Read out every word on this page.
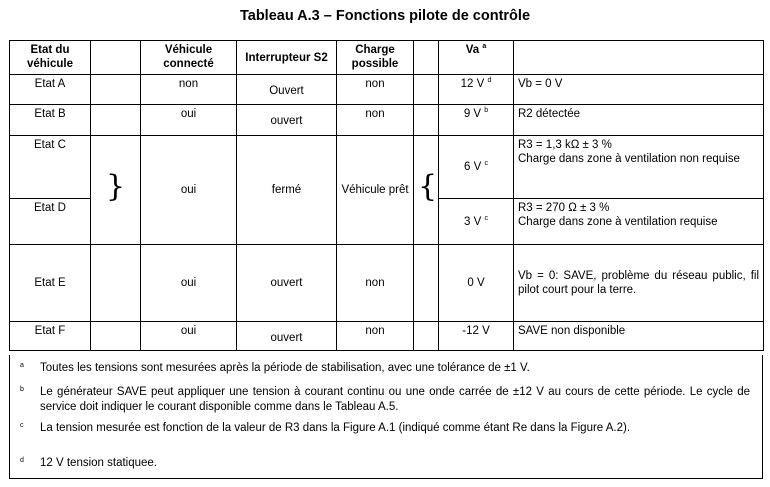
Tableau A.3 – Fonctions pilote de contrôle
Etat du véhicule		Véhicule connecté	Interrupteur S2	Charge possible		Va $^a$	
Etat A		non	Ouvert	non		12 V $^d$	Vb = 0 V
Etat B		oui	ouvert	non		9 V $^b$	R2 détectée
Etat C	}	oui	fermé	Véhicule prêt	{	6 V $^c$	R3 = 1,3 kΩ ± 3 %
Charge dans zone à ventilation non requise

Etat D						3 V $^c$	R3 = 270 Ω ± 3 %
Charge dans zone à ventilation requise

Etat E		oui	ouvert	non		0 V	Vb = 0: SAVE, problème du réseau public, fil pilot court pour la terre.
Etat F		oui	ouvert	non		-12 V	SAVE non disponible
a Toutes les tensions sont mesurées après la période de stabilisation, avec une tolérance de ±1 V.
b Le générateur SAVE peut appliquer une tension à courant continu ou une onde carrée de ±12 V au cours de cette période. Le cycle de service doit indiquer le courant disponible comme dans le Tableau A.5.
c La tension mesurée est fonction de la valeur de R3 dans la Figure A.1 (indiqué comme étant Re dans la Figure A.2).
d 12 V tension statiquee.
